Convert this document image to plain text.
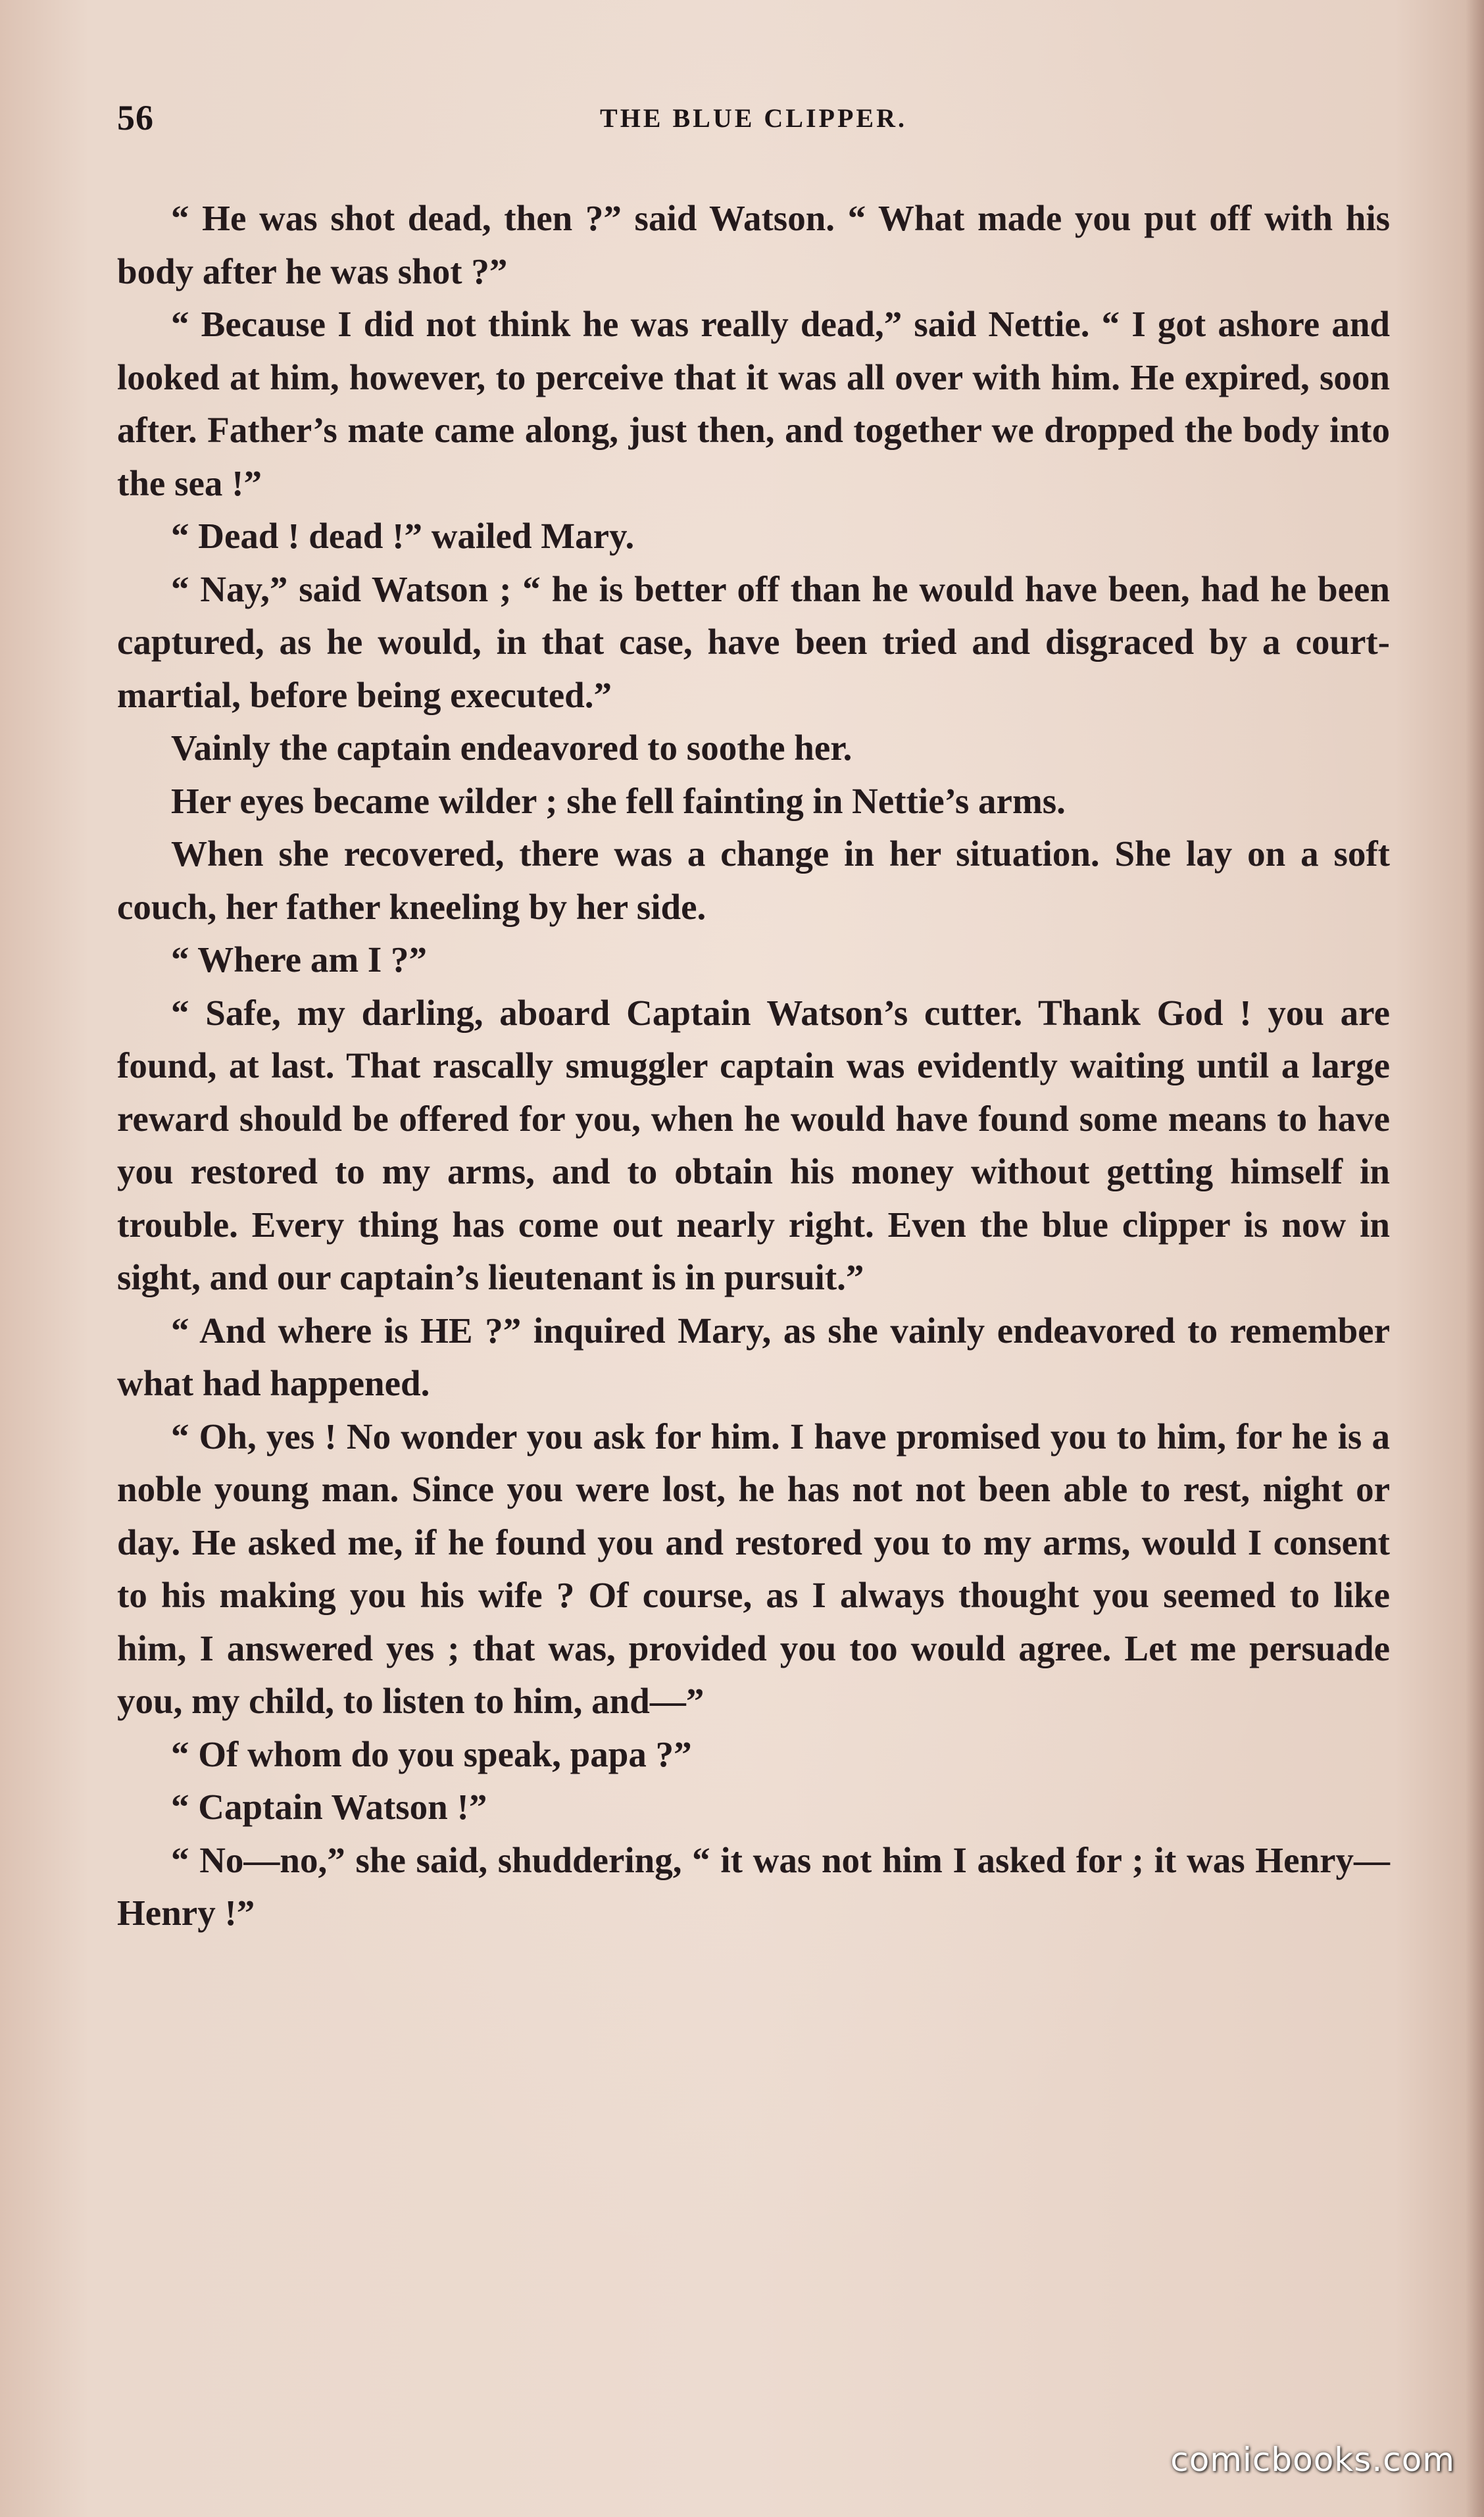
56	THE BLUE CLIPPER.

“ He was shot dead, then ?” said Watson. “ What made you put off with his body after he was shot ?”

“ Because I did not think he was really dead,” said Nettie. “ I got ashore and looked at him, however, to perceive that it was all over with him. He expired, soon after. Father’s mate came along, just then, and together we dropped the body into the sea !”

“ Dead ! dead !” wailed Mary.

“ Nay,” said Watson ; “ he is better off than he would have been, had he been captured, as he would, in that case, have been tried and disgraced by a court-martial, before being executed.”

Vainly the captain endeavored to soothe her.

Her eyes became wilder ; she fell fainting in Nettie’s arms.

When she recovered, there was a change in her situation. She lay on a soft couch, her father kneeling by her side.

“ Where am I ?”

“ Safe, my darling, aboard Captain Watson’s cutter. Thank God ! you are found, at last. That rascally smuggler captain was evidently waiting until a large reward should be offered for you, when he would have found some means to have you restored to my arms, and to obtain his money without getting himself in trouble. Every thing has come out nearly right. Even the blue clipper is now in sight, and our captain’s lieutenant is in pursuit.”

“ And where is HE ?” inquired Mary, as she vainly endeavored to remember what had happened.

“ Oh, yes ! No wonder you ask for him. I have promised you to him, for he is a noble young man. Since you were lost, he has not not been able to rest, night or day. He asked me, if he found you and restored you to my arms, would I consent to his making you his wife ? Of course, as I always thought you seemed to like him, I answered yes ; that was, provided you too would agree. Let me persuade you, my child, to listen to him, and—”

“ Of whom do you speak, papa ?”

“ Captain Watson !”

“ No—no,” she said, shuddering, “ it was not him I asked for ; it was Henry—Henry !”

comicbooks.com
